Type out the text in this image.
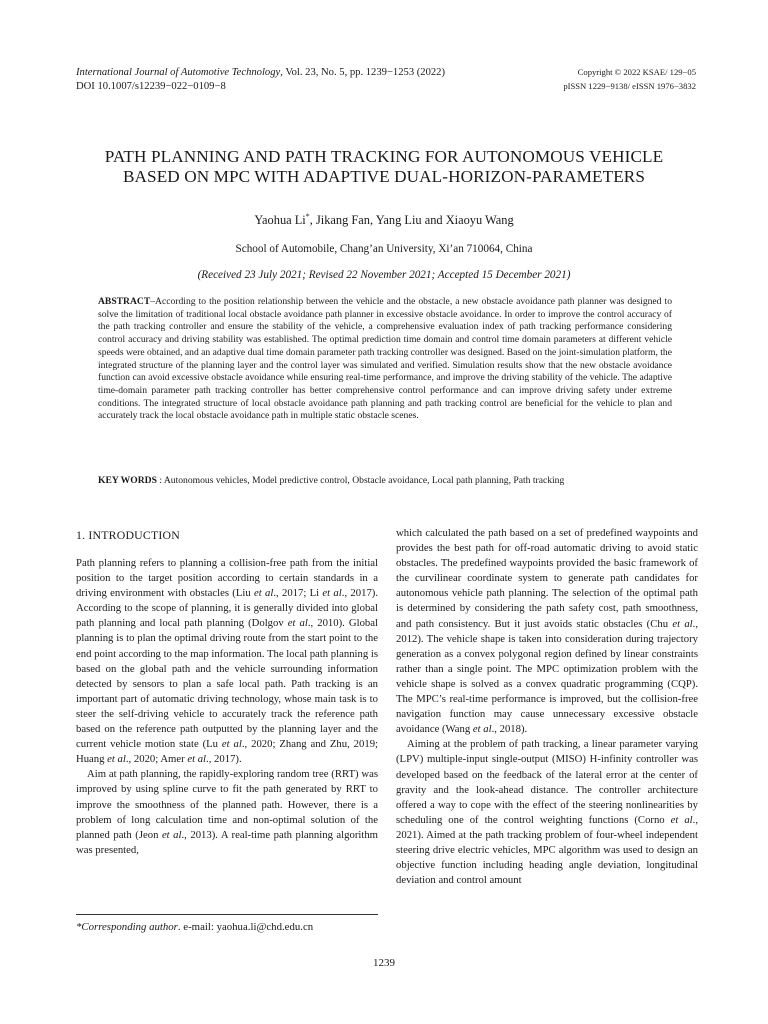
International Journal of Automotive Technology, Vol. 23, No. 5, pp. 1239−1253 (2022)
DOI 10.1007/s12239−022−0109−8
Copyright © 2022 KSAE/ 129−05
pISSN 1229−9138/ eISSN 1976−3832
PATH PLANNING AND PATH TRACKING FOR AUTONOMOUS VEHICLE
BASED ON MPC WITH ADAPTIVE DUAL-HORIZON-PARAMETERS
Yaohua Li*, Jikang Fan, Yang Liu and Xiaoyu Wang
School of Automobile, Chang’an University, Xi’an 710064, China
(Received 23 July 2021; Revised 22 November 2021; Accepted 15 December 2021)

ABSTRACT–According to the position relationship between the vehicle and the obstacle, a new obstacle avoidance path planner was designed to solve the limitation of traditional local obstacle avoidance path planner in excessive obstacle avoidance. In order to improve the control accuracy of the path tracking controller and ensure the stability of the vehicle, a comprehensive evaluation index of path tracking performance considering control accuracy and driving stability was established. The optimal prediction time domain and control time domain parameters at different vehicle speeds were obtained, and an adaptive dual time domain parameter path tracking controller was designed. Based on the joint-simulation platform, the integrated structure of the planning layer and the control layer was simulated and verified. Simulation results show that the new obstacle avoidance function can avoid excessive obstacle avoidance while ensuring real-time performance, and improve the driving stability of the vehicle. The adaptive time-domain parameter path tracking controller has better comprehensive control performance and can improve driving safety under extreme conditions. The integrated structure of local obstacle avoidance path planning and path tracking control are beneficial for the vehicle to plan and accurately track the local obstacle avoidance path in multiple static obstacle scenes.

KEY WORDS : Autonomous vehicles, Model predictive control, Obstacle avoidance, Local path planning, Path tracking

1. INTRODUCTION

Path planning refers to planning a collision-free path from the initial position to the target position according to certain standards in a driving environment with obstacles (Liu et al., 2017; Li et al., 2017). According to the scope of planning, it is generally divided into global path planning and local path planning (Dolgov et al., 2010). Global planning is to plan the optimal driving route from the start point to the end point according to the map information. The local path planning is based on the global path and the vehicle surrounding information detected by sensors to plan a safe local path. Path tracking is an important part of automatic driving technology, whose main task is to steer the self-driving vehicle to accurately track the reference path based on the reference path outputted by the planning layer and the current vehicle motion state (Lu et al., 2020; Zhang and Zhu, 2019; Huang et al., 2020; Amer et al., 2017).

Aim at path planning, the rapidly-exploring random tree (RRT) was improved by using spline curve to fit the path generated by RRT to improve the smoothness of the planned path. However, there is a problem of long calculation time and non-optimal solution of the planned path (Jeon et al., 2013). A real-time path planning algorithm was presented,

which calculated the path based on a set of predefined waypoints and provides the best path for off-road automatic driving to avoid static obstacles. The predefined waypoints provided the basic framework of the curvilinear coordinate system to generate path candidates for autonomous vehicle path planning. The selection of the optimal path is determined by considering the path safety cost, path smoothness, and path consistency. But it just avoids static obstacles (Chu et al., 2012). The vehicle shape is taken into consideration during trajectory generation as a convex polygonal region defined by linear constraints rather than a single point. The MPC optimization problem with the vehicle shape is solved as a convex quadratic programming (CQP). The MPC’s real-time performance is improved, but the collision-free navigation function may cause unnecessary excessive obstacle avoidance (Wang et al., 2018).

Aiming at the problem of path tracking, a linear parameter varying (LPV) multiple-input single-output (MISO) H-infinity controller was developed based on the feedback of the lateral error at the center of gravity and the look-ahead distance. The controller architecture offered a way to cope with the effect of the steering nonlinearities by scheduling one of the control weighting functions (Corno et al., 2021). Aimed at the path tracking problem of four-wheel independent steering drive electric vehicles, MPC algorithm was used to design an objective function including heading angle deviation, longitudinal deviation and control amount

*Corresponding author. e-mail: yaohua.li@chd.edu.cn
1239
